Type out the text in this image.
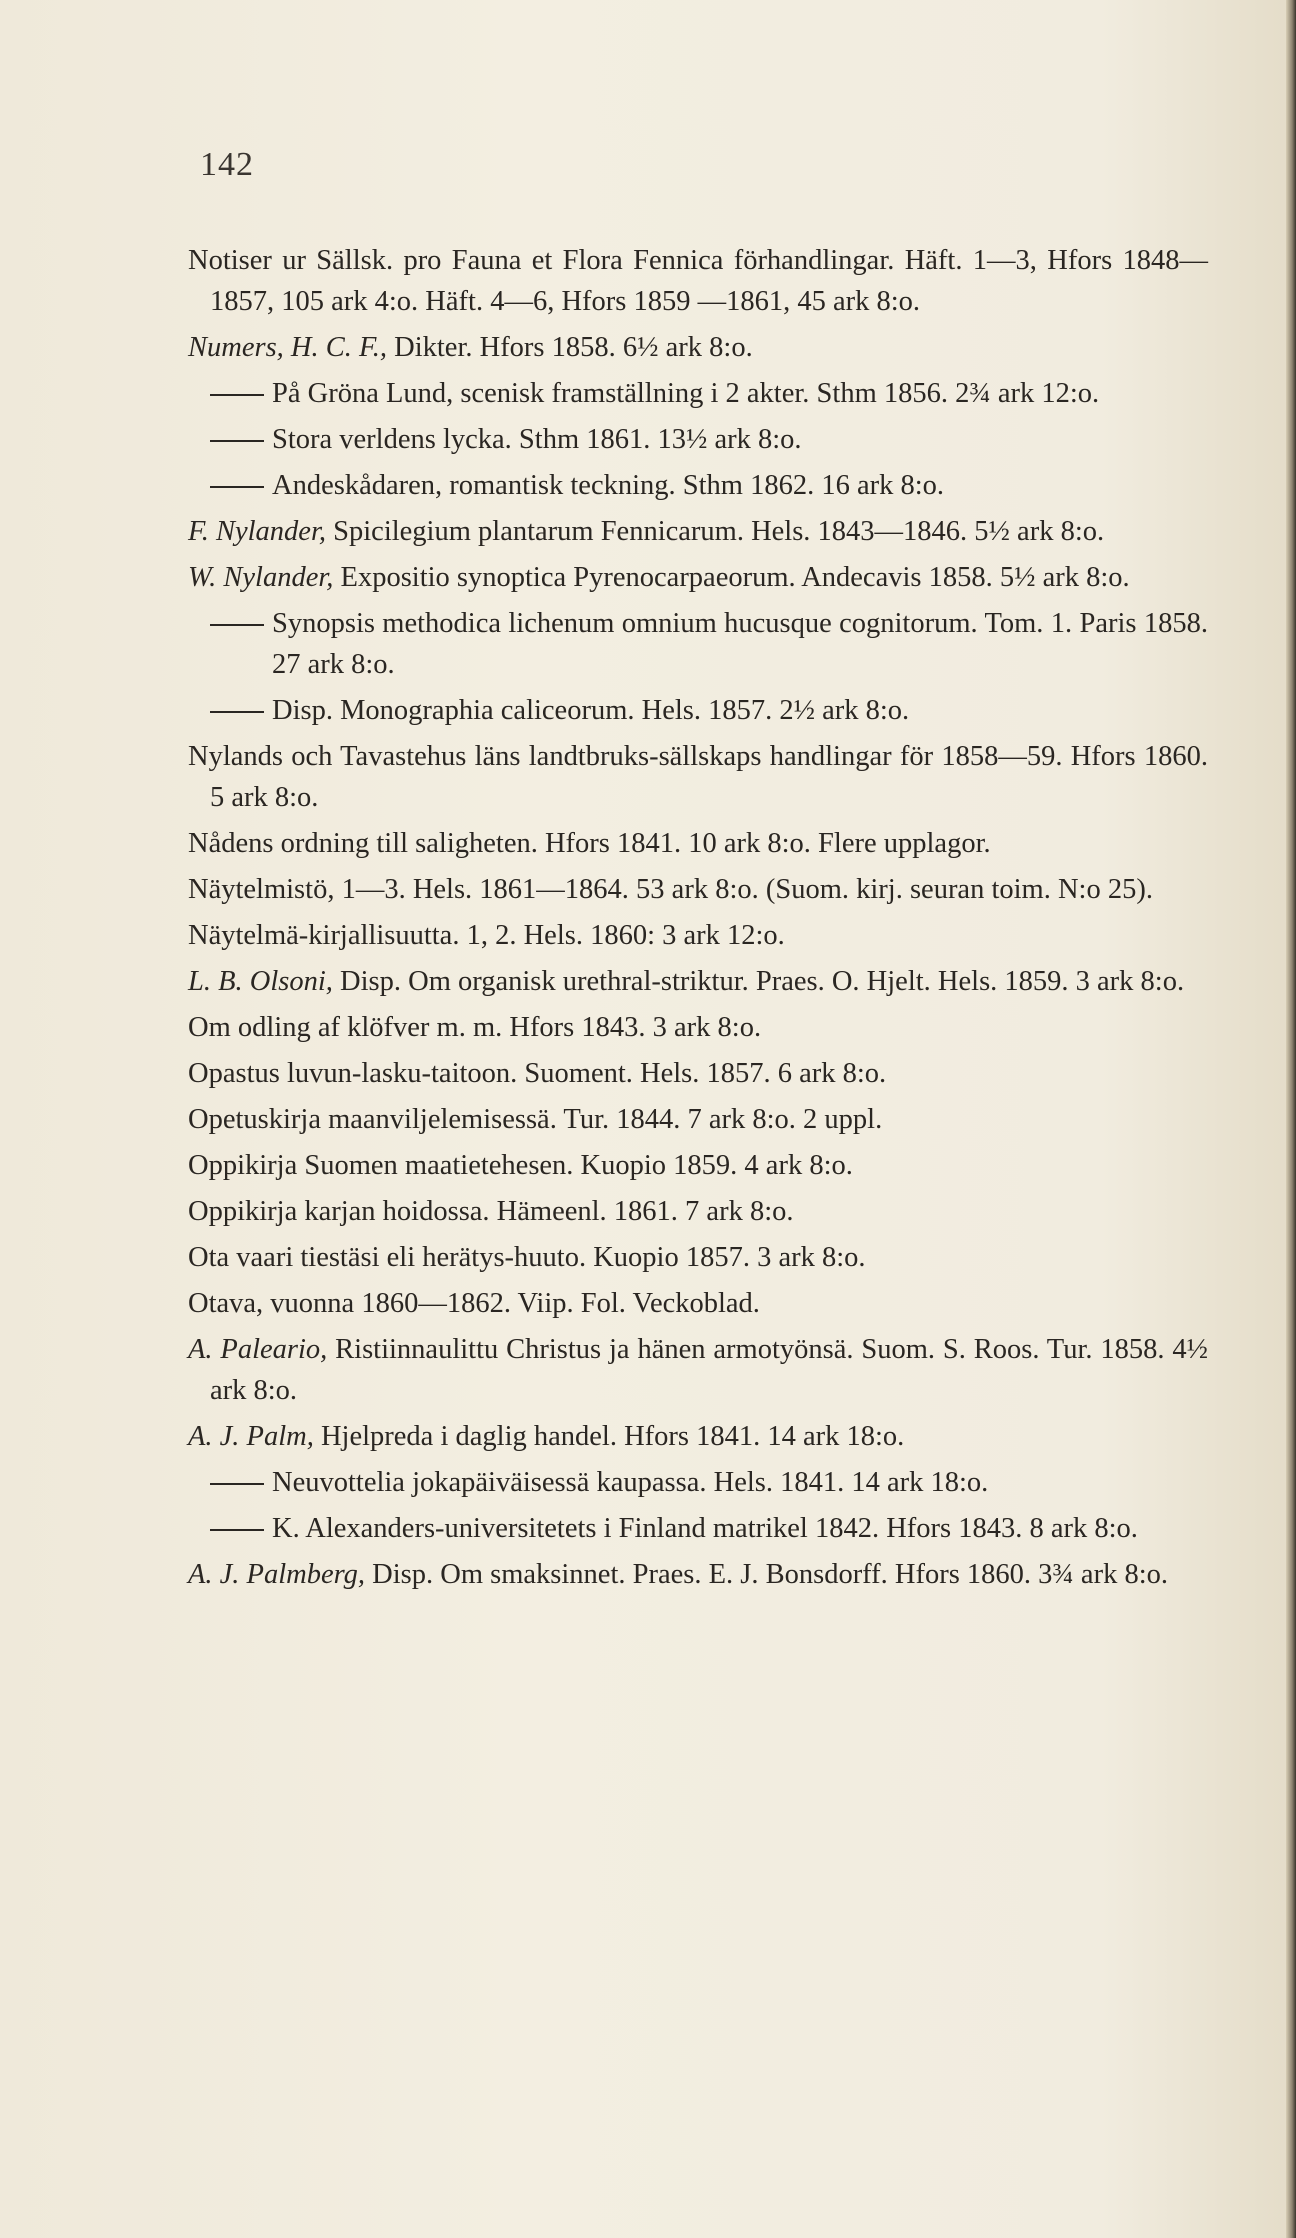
142
Notiser ur Sällsk. pro Fauna et Flora Fennica förhandlingar. Häft. 1—3, Hfors 1848—1857, 105 ark 4:o. Häft. 4—6, Hfors 1859 —1861, 45 ark 8:o.
Numers, H. C. F., Dikter. Hfors 1858. 6½ ark 8:o.
På Gröna Lund, scenisk framställning i 2 akter. Sthm 1856. 2¾ ark 12:o.
Stora verldens lycka. Sthm 1861. 13½ ark 8:o.
Andeskådaren, romantisk teckning. Sthm 1862. 16 ark 8:o.
F. Nylander, Spicilegium plantarum Fennicarum. Hels. 1843—1846. 5½ ark 8:o.
W. Nylander, Expositio synoptica Pyrenocarpaeorum. Andecavis 1858. 5½ ark 8:o.
Synopsis methodica lichenum omnium hucusque cognitorum. Tom. 1. Paris 1858. 27 ark 8:o.
Disp. Monographia caliceorum. Hels. 1857. 2½ ark 8:o.
Nylands och Tavastehus läns landtbruks-sällskaps handlingar för 1858—59. Hfors 1860. 5 ark 8:o.
Nådens ordning till saligheten. Hfors 1841. 10 ark 8:o. Flere upplagor.
Näytelmistö, 1—3. Hels. 1861—1864. 53 ark 8:o. (Suom. kirj. seuran toim. N:o 25).
Näytelmä-kirjallisuutta. 1, 2. Hels. 1860: 3 ark 12:o.
L. B. Olsoni, Disp. Om organisk urethral-striktur. Praes. O. Hjelt. Hels. 1859. 3 ark 8:o.
Om odling af klöfver m. m. Hfors 1843. 3 ark 8:o.
Opastus luvun-lasku-taitoon. Suoment. Hels. 1857. 6 ark 8:o.
Opetuskirja maanviljelemisessä. Tur. 1844. 7 ark 8:o. 2 uppl.
Oppikirja Suomen maatietehesen. Kuopio 1859. 4 ark 8:o.
Oppikirja karjan hoidossa. Hämeenl. 1861. 7 ark 8:o.
Ota vaari tiestäsi eli herätys-huuto. Kuopio 1857. 3 ark 8:o.
Otava, vuonna 1860—1862. Viip. Fol. Veckoblad.
A. Paleario, Ristiinnaulittu Christus ja hänen armotyönsä. Suom. S. Roos. Tur. 1858. 4½ ark 8:o.
A. J. Palm, Hjelpreda i daglig handel. Hfors 1841. 14 ark 18:o.
Neuvottelia jokapäiväisessä kaupassa. Hels. 1841. 14 ark 18:o.
K. Alexanders-universitetets i Finland matrikel 1842. Hfors 1843. 8 ark 8:o.
A. J. Palmberg, Disp. Om smaksinnet. Praes. E. J. Bonsdorff. Hfors 1860. 3¾ ark 8:o.
